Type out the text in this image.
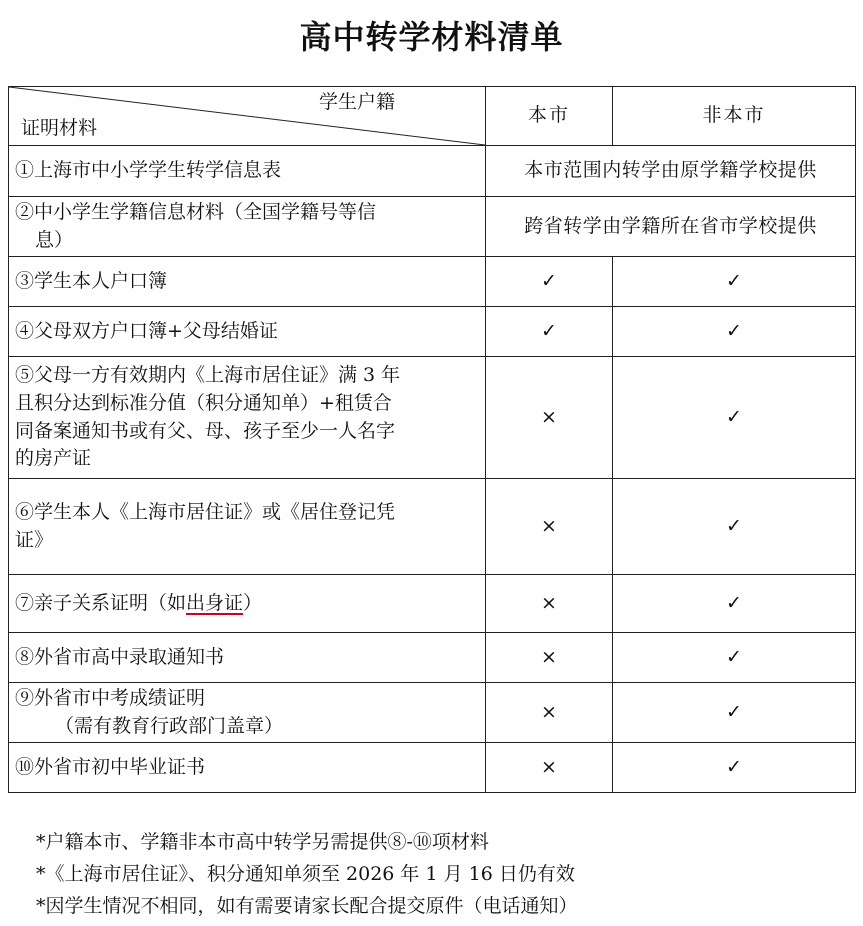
高中转学材料清单
学生户籍
证明材料	本市	非本市
①上海市中小学学生转学信息表	本市范围内转学由原学籍学校提供	

②中小学生学籍信息材料（全国学籍号等信
息）	跨省转学由学籍所在省市学校提供	
③学生本人户口簿	✓	✓
④父母双方户口簿+父母结婚证	✓	✓

⑤父母一方有效期内《上海市居住证》满 3 年
且积分达到标准分值（积分通知单）+租赁合
同备案通知书或有父、母、孩子至少一人名字
的房产证	×	✓

⑥学生本人《上海市居住证》或《居住登记凭
证》	×	✓
⑦亲子关系证明（如出身证）	×	✓
⑧外省市高中录取通知书	×	✓

⑨外省市中考成绩证明
（需有教育行政部门盖章）	×	✓
⑩外省市初中毕业证书	×	✓
*户籍本市、学籍非本市高中转学另需提供⑧-⑩项材料
*《上海市居住证》、积分通知单须至 2026 年 1 月 16 日仍有效
*因学生情况不相同，如有需要请家长配合提交原件（电话通知）
